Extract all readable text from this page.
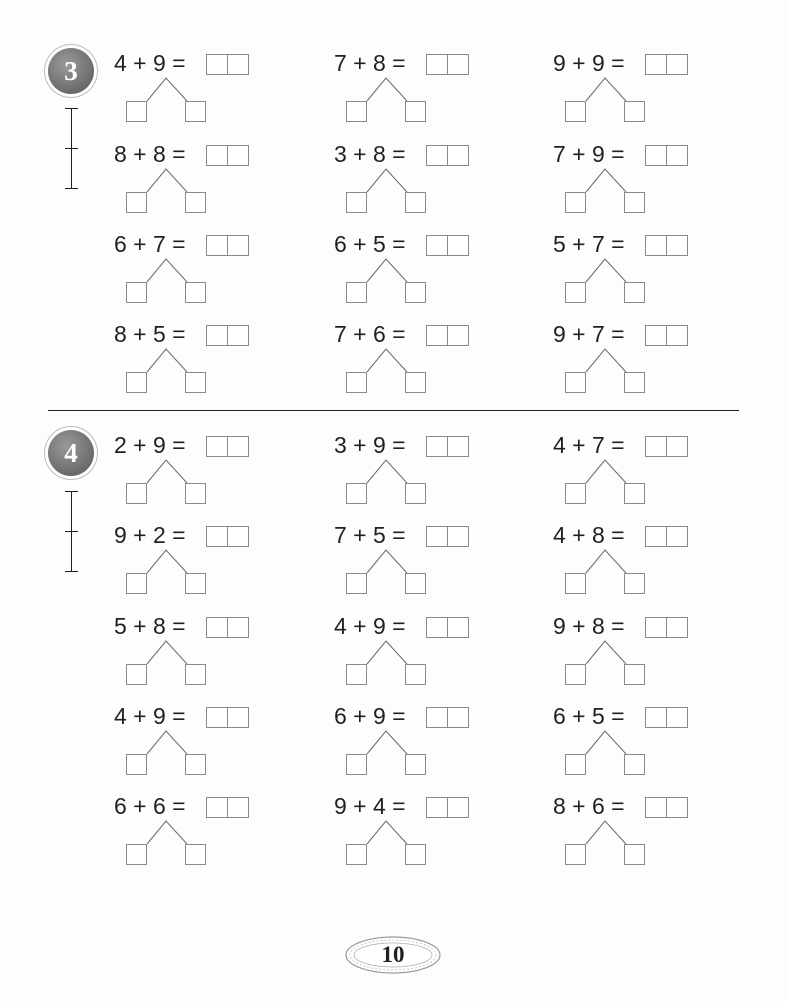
3
4
4 + 9 =	7 + 8 =	9 + 9 =
8 + 8 =	3 + 8 =	7 + 9 =
6 + 7 =	6 + 5 =	5 + 7 =
8 + 5 =	7 + 6 =	9 + 7 =
2 + 9 =	3 + 9 =	4 + 7 =
9 + 2 =	7 + 5 =	4 + 8 =
5 + 8 =	4 + 9 =	9 + 8 =
4 + 9 =	6 + 9 =	6 + 5 =
6 + 6 =	9 + 4 =	8 + 6 =
10
